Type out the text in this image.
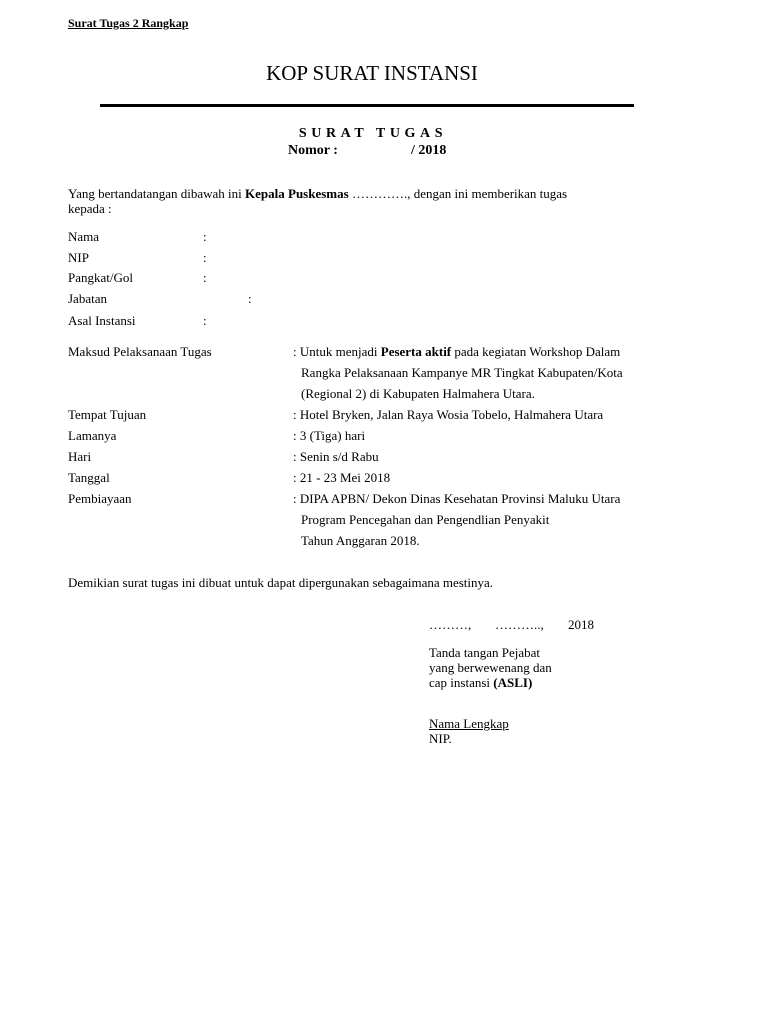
Surat Tugas 2 Rangkap
KOP SURAT INSTANSI
SURAT TUGAS
Nomor :	/ 2018
Yang bertandatangan dibawah ini Kepala Puskesmas …………., dengan ini memberikan tugas
kepada :
Nama	:
NIP	:
Pangkat/Gol	:
Jabatan	:
Asal Instansi	:
Maksud Pelaksanaan Tugas	: Untuk menjadi Peserta aktif pada kegiatan Workshop Dalam
Rangka Pelaksanaan Kampanye MR Tingkat Kabupaten/Kota
(Regional 2) di Kabupaten Halmahera Utara.
Tempat Tujuan	: Hotel Bryken, Jalan Raya Wosia Tobelo, Halmahera Utara
Lamanya	: 3 (Tiga) hari
Hari	: Senin s/d Rabu
Tanggal	: 21 - 23 Mei 2018
Pembiayaan	: DIPA APBN/ Dekon Dinas Kesehatan Provinsi Maluku Utara
Program Pencegahan dan Pengendlian Penyakit
Tahun Anggaran 2018.
Demikian surat tugas ini dibuat untuk dapat dipergunakan sebagaimana mestinya.
………, ……….., 2018
Tanda tangan Pejabat
yang berwewenang dan
cap instansi (ASLI)
Nama Lengkap
NIP.
